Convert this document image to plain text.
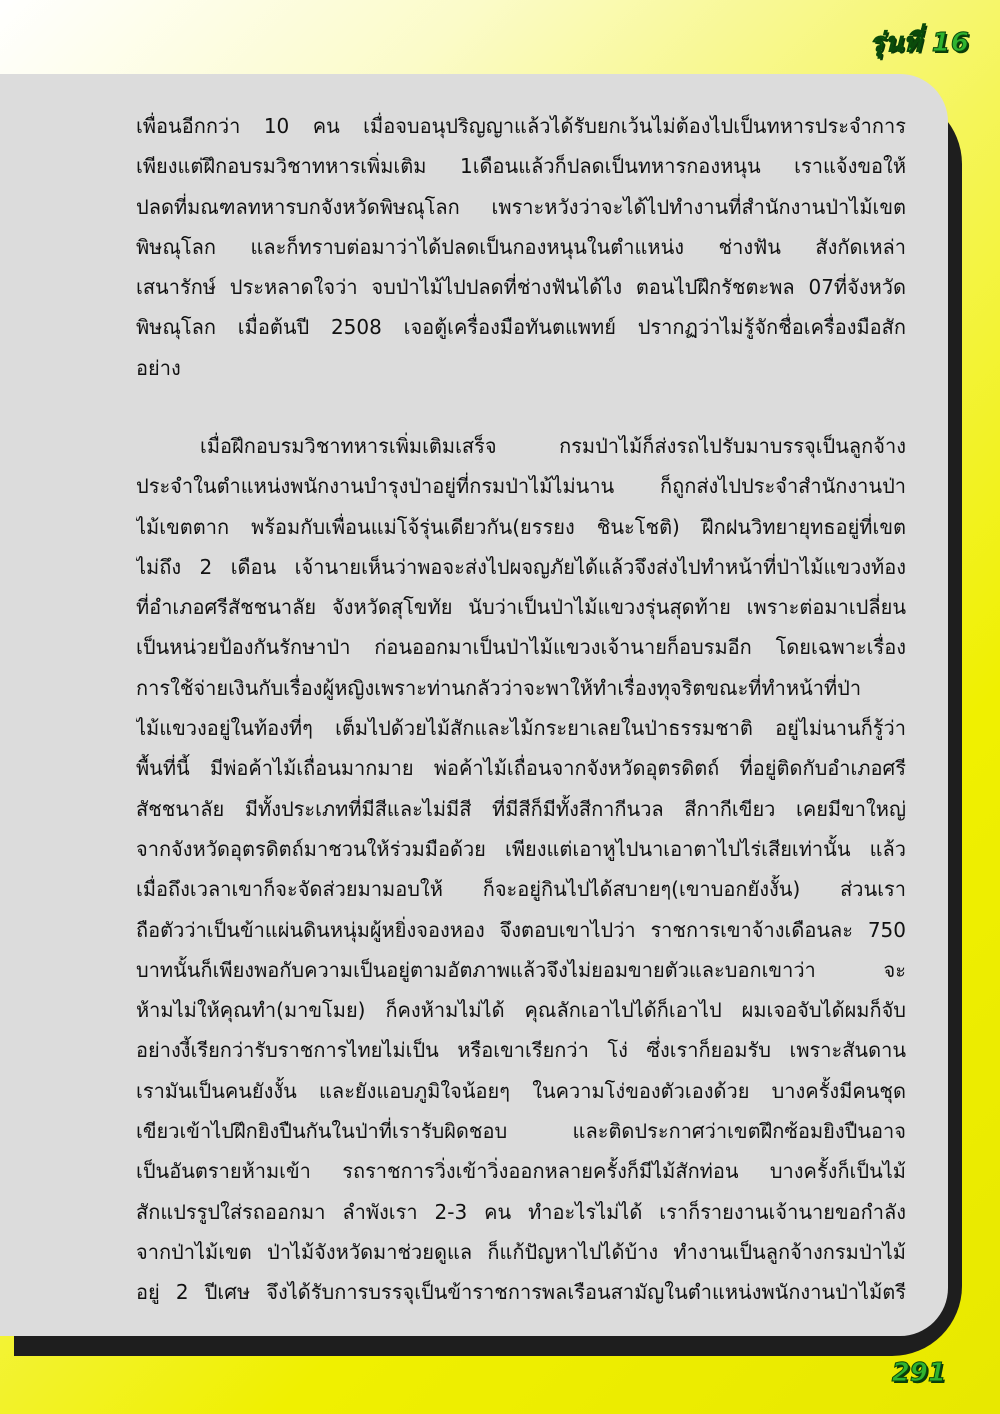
รุ่นที่ 16
เพื่อนอีกกว่า 10 คน เมื่อจบอนุปริญญาแล้วได้รับยกเว้นไม่ต้องไปเป็นทหารประจำการ
เพียงแต่ฝึกอบรมวิชาทหารเพิ่มเติม 1เดือนแล้วก็ปลดเป็นทหารกองหนุน เราแจ้งขอให้
ปลดที่มณฑลทหารบกจังหวัดพิษณุโลก เพราะหวังว่าจะได้ไปทำงานที่สำนักงานป่าไม้เขต
พิษณุโลก และก็ทราบต่อมาว่าได้ปลดเป็นกองหนุนในตำแหน่ง ช่างฟัน สังกัดเหล่า
เสนารักษ์ ประหลาดใจว่า จบป่าไม้ไปปลดที่ช่างฟันได้ไง ตอนไปฝึกรัชตะพล 07ที่จังหวัด
พิษณุโลก เมื่อต้นปี 2508 เจอตู้เครื่องมือทันตแพทย์ ปรากฏว่าไม่รู้จักชื่อเครื่องมือสัก
อย่าง
เมื่อฝึกอบรมวิชาทหารเพิ่มเติมเสร็จ กรมป่าไม้ก็ส่งรถไปรับมาบรรจุเป็นลูกจ้าง
ประจำในตำแหน่งพนักงานบำรุงป่าอยู่ที่กรมป่าไม้ไม่นาน ก็ถูกส่งไปประจำสำนักงานป่า
ไม้เขตตาก พร้อมกับเพื่อนแม่โจ้รุ่นเดียวกัน(ยรรยง ชินะโชติ) ฝึกฝนวิทยายุทธอยู่ที่เขต
ไม่ถึง 2 เดือน เจ้านายเห็นว่าพอจะส่งไปผจญภัยได้แล้วจึงส่งไปทำหน้าที่ป่าไม้แขวงท้อง
ที่อำเภอศรีสัชชนาลัย จังหวัดสุโขทัย นับว่าเป็นป่าไม้แขวงรุ่นสุดท้าย เพราะต่อมาเปลี่ยน
เป็นหน่วยป้องกันรักษาป่า ก่อนออกมาเป็นป่าไม้แขวงเจ้านายก็อบรมอีก โดยเฉพาะเรื่อง
การใช้จ่ายเงินกับเรื่องผู้หญิงเพราะท่านกลัวว่าจะพาให้ทำเรื่องทุจริตขณะที่ทำหน้าที่ป่า
ไม้แขวงอยู่ในท้องที่ๆ เต็มไปด้วยไม้สักและไม้กระยาเลยในป่าธรรมชาติ อยู่ไม่นานก็รู้ว่า
พื้นที่นี้ มีพ่อค้าไม้เถื่อนมากมาย พ่อค้าไม้เถื่อนจากจังหวัดอุตรดิตถ์ ที่อยู่ติดกับอำเภอศรี
สัชชนาลัย มีทั้งประเภทที่มีสีและไม่มีสี ที่มีสีก็มีทั้งสีกากีนวล สีกากีเขียว เคยมีขาใหญ่
จากจังหวัดอุตรดิตถ์มาชวนให้ร่วมมือด้วย เพียงแต่เอาหูไปนาเอาตาไปไร่เสียเท่านั้น แล้ว
เมื่อถึงเวลาเขาก็จะจัดส่วยมามอบให้ ก็จะอยู่กินไปได้สบายๆ(เขาบอกยังงั้น) ส่วนเรา
ถือตัวว่าเป็นข้าแผ่นดินหนุ่มผู้หยิ่งจองหอง จึงตอบเขาไปว่า ราชการเขาจ้างเดือนละ 750
บาทนั้นก็เพียงพอกับความเป็นอยู่ตามอัตภาพแล้วจึงไม่ยอมขายตัวและบอกเขาว่า จะ
ห้ามไม่ให้คุณทำ(มาขโมย) ก็คงห้ามไม่ได้ คุณลักเอาไปได้ก็เอาไป ผมเจอจับได้ผมก็จับ
อย่างงี้เรียกว่ารับราชการไทยไม่เป็น หรือเขาเรียกว่า โง่ ซึ่งเราก็ยอมรับ เพราะสันดาน
เรามันเป็นคนยังงั้น และยังแอบภูมิใจน้อยๆ ในความโง่ของตัวเองด้วย บางครั้งมีคนชุด
เขียวเข้าไปฝึกยิงปืนกันในป่าที่เรารับผิดชอบ และติดประกาศว่าเขตฝึกซ้อมยิงปืนอาจ
เป็นอันตรายห้ามเข้า รถราชการวิ่งเข้าวิ่งออกหลายครั้งก็มีไม้สักท่อน บางครั้งก็เป็นไม้
สักแปรรูปใส่รถออกมา ลำพังเรา 2-3 คน ทำอะไรไม่ได้ เราก็รายงานเจ้านายขอกำลัง
จากป่าไม้เขต ป่าไม้จังหวัดมาช่วยดูแล ก็แก้ปัญหาไปได้บ้าง ทำงานเป็นลูกจ้างกรมป่าไม้
อยู่ 2 ปีเศษ จึงได้รับการบรรจุเป็นข้าราชการพลเรือนสามัญในตำแหน่งพนักงานป่าไม้ตรี
291
